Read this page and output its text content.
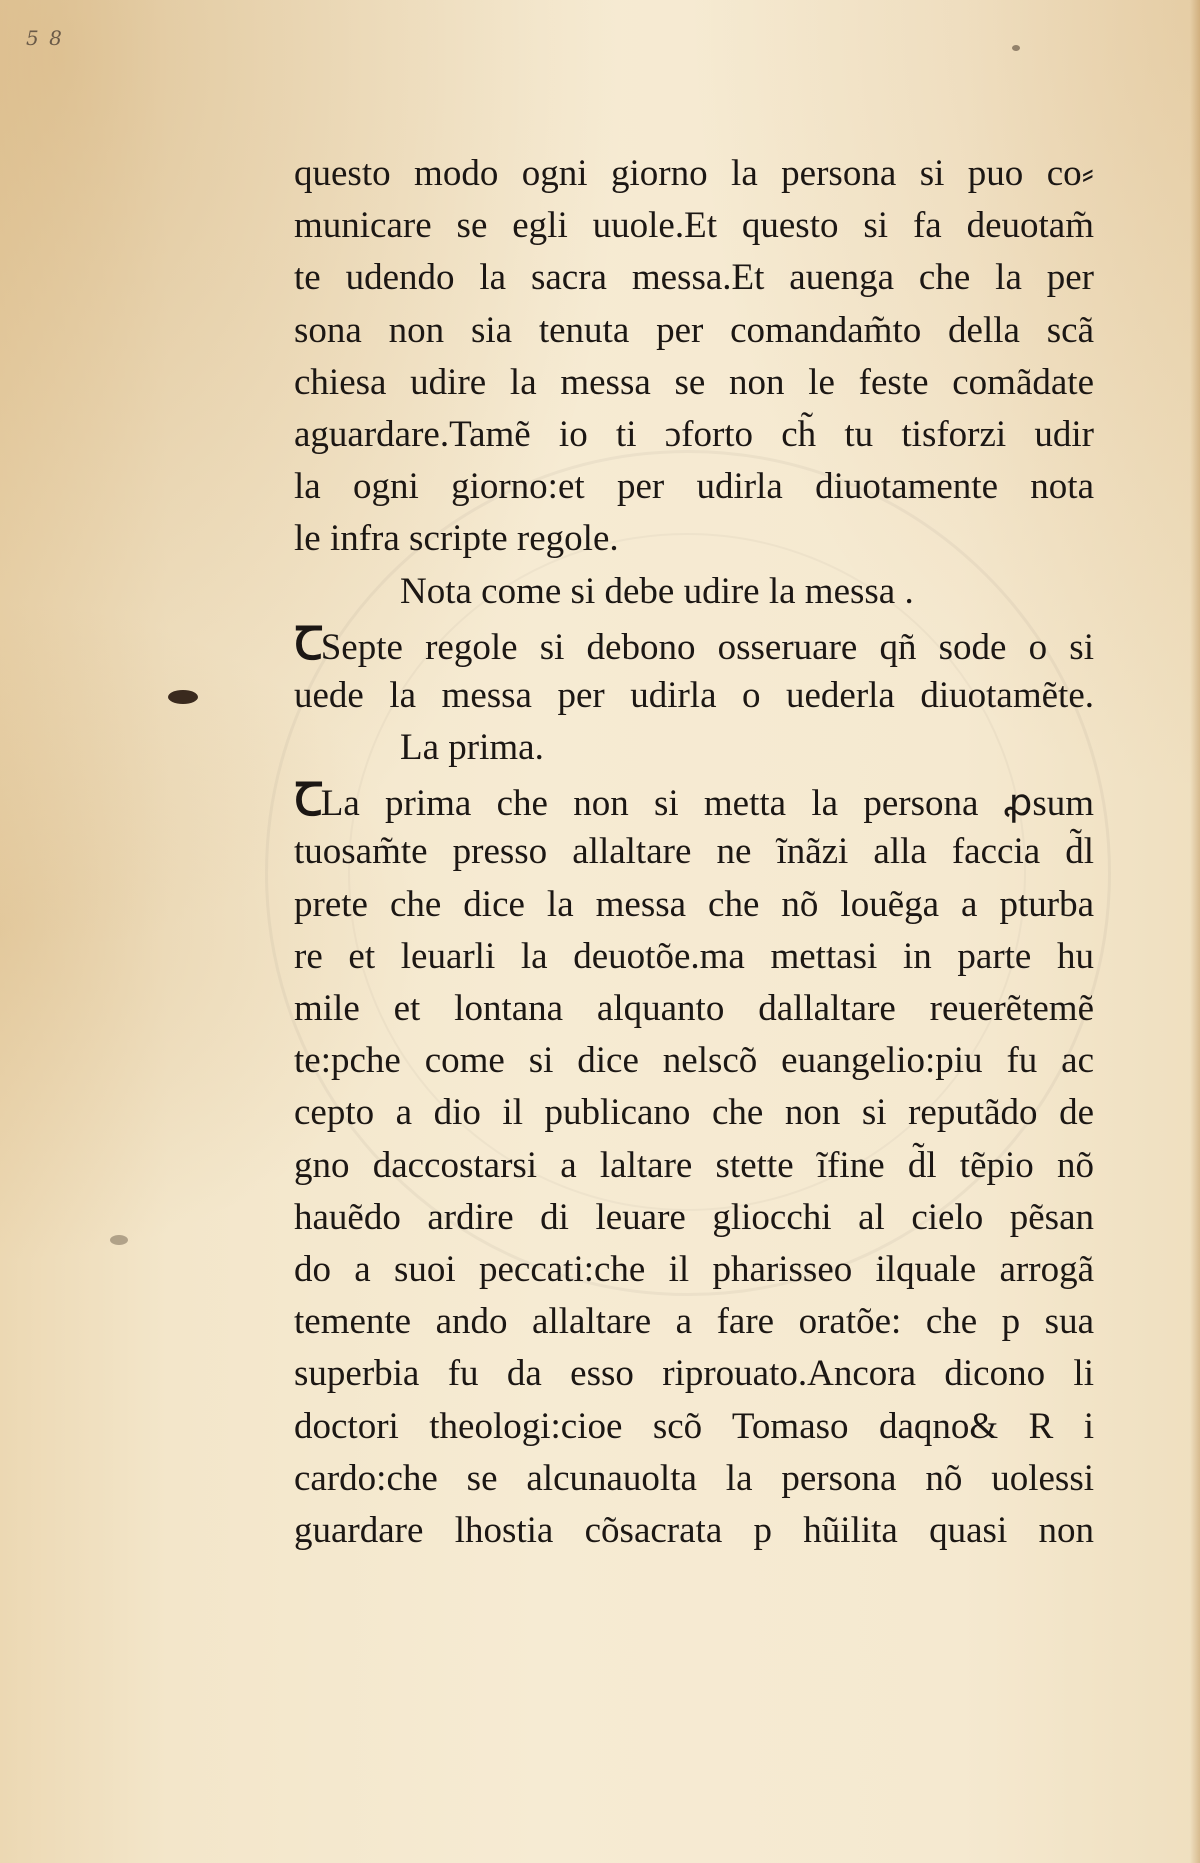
5 8
questo modo ogni giorno la persona si puo co⸗
municare se egli uuole.Et questo si fa deuotam̃
te udendo la sacra messa.Et auenga che la per
sona non sia tenuta per comandam̃to della scã
chiesa udire la messa se non le feste comãdate
aguardare.Tamẽ io ti ɔforto ch̃ tu tisforzi udir
la ogni giorno:et per udirla diuotamente nota
le infra scripte regole.
Nota come si debe udire la messa .
ꞆSepte regole si debono osseruare qñ sode o si
uede la messa per udirla o uederla diuotamẽte.
La prima.
ꞆLa prima che non si metta la persona ꝓsum
tuosam̃te presso allaltare ne ĩnãzi alla faccia d̃l
prete che dice la messa che nõ louẽga a pturba
re et leuarli la deuotõe.ma mettasi in parte hu
mile et lontana alquanto dallaltare reuerẽtemẽ
te:pche come si dice nelscõ euangelio:piu fu ac
cepto a dio il publicano che non si reputãdo de
gno daccostarsi a laltare stette ĩfine d̃l tẽpio nõ
hauẽdo ardire di leuare gliocchi al cielo pẽsan
do a suoi peccati:che il pharisseo ilquale arrogã
temente ando allaltare a fare oratõe: che p sua
superbia fu da esso riprouato.Ancora dicono li
doctori theologi:cioe scõ Tomaso daqno& R i
cardo:che se alcunauolta la persona nõ uolessi
guardare lhostia cõsacrata p hũilita quasi non
